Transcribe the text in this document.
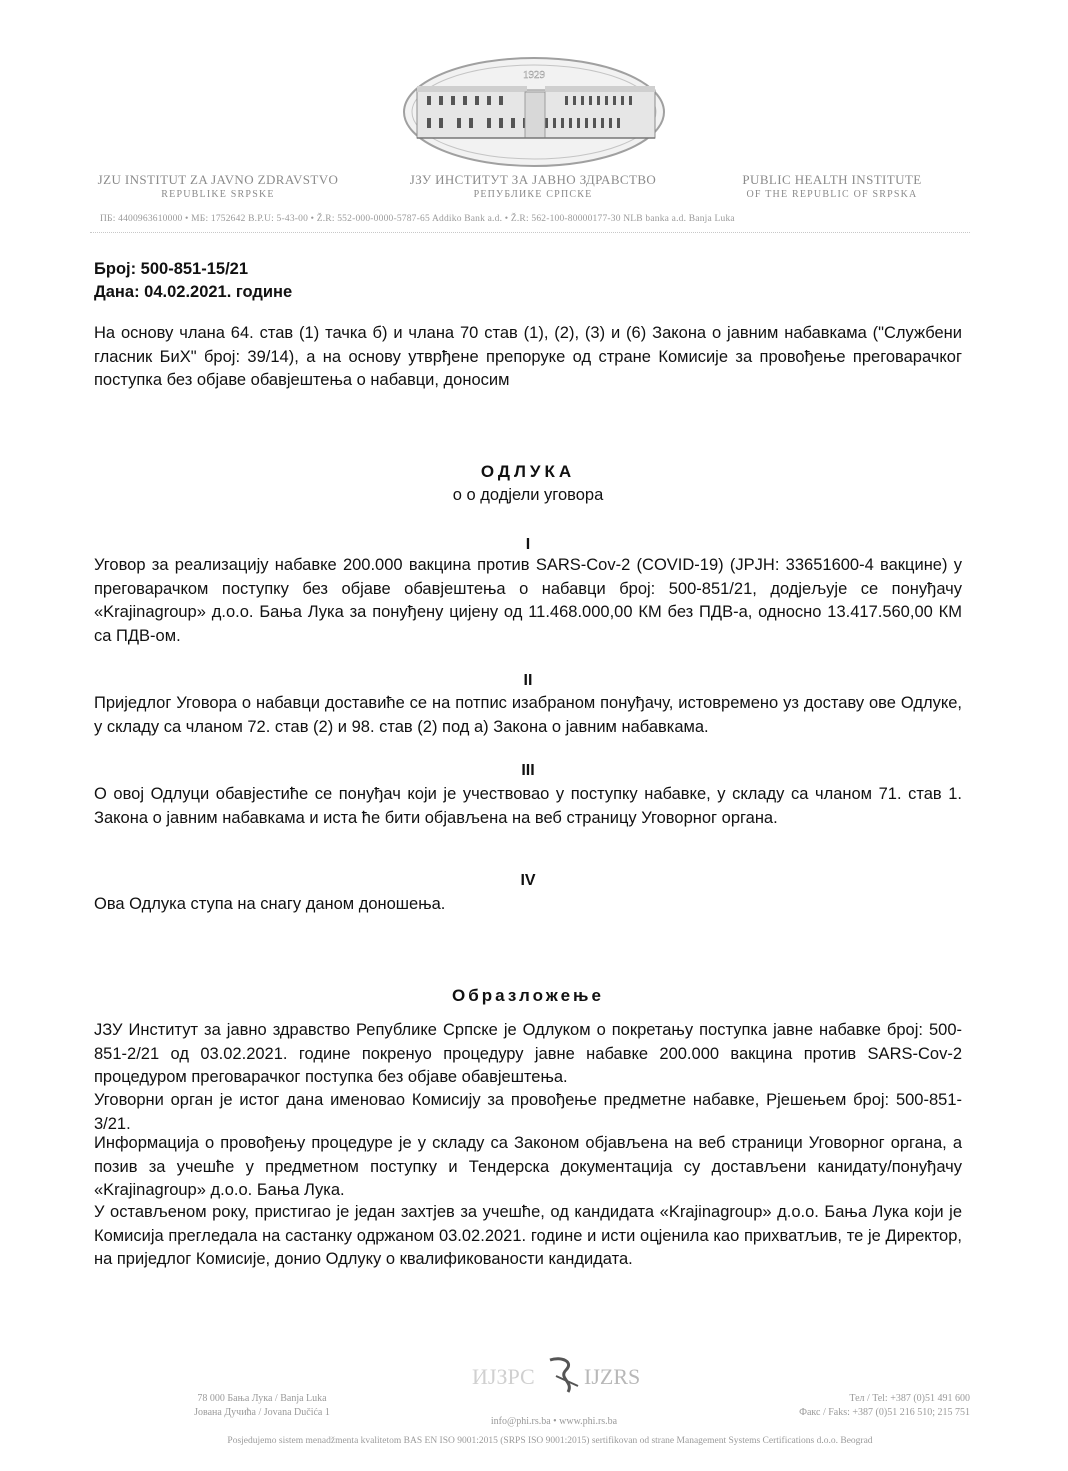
1929
JZU INSTITUT ZA JAVNO ZDRAVSTVO
REPUBLIKE SRPSKE
ЈЗУ ИНСТИТУТ ЗА ЈАВНО ЗДРАВСТВО
РЕПУБЛИКЕ СРПСКЕ
PUBLIC HEALTH INSTITUTE
OF THE REPUBLIC OF SRPSKA
ПБ: 4400963610000 • МБ: 1752642 В.Р.U: 5-43-00 • Ž.R: 552-000-0000-5787-65 Addiko Bank a.d. • Ž.R: 562-100-80000177-30 NLB banka a.d. Banja Luka
Број: 500-851-15/21
Дана: 04.02.2021. године
На основу члана 64. став (1) тачка б) и члана 70 став (1), (2), (3) и (6) Закона о јавним набавкама ("Службени гласник БиХ" број: 39/14), а на основу утврђене препоруке од стране Комисије за провођење преговарачког поступка без објаве обавјештења о набавци, доносим
ОДЛУКА
о о додјели уговора
I
Уговор за реализацију набавке 200.000 вакцина против SARS-Cov-2 (COVID-19) (JPJH: 33651600-4 вакцине) у преговарачком поступку без објаве обавјештења о набавци број: 500-851/21, додјељује се понуђачу «Krajinagroup» д.о.о. Бања Лука за понуђену цијену од 11.468.000,00 КМ без ПДВ-а, односно 13.417.560,00 КМ са ПДВ-ом.
II
Приједлог Уговора о набавци доставиће се на потпис изабраном понуђачу, истовремено уз доставу ове Одлуке, у складу са чланом 72. став (2) и 98. став (2) под а) Закона о јавним набавкама.
III
О овој Одлуци обавјестиће се понуђач који је учествовао у поступку набавке, у складу са чланом 71. став 1. Закона о јавним набавкама и иста ће бити објављена на веб страницу Уговорног органа.
IV
Ова Одлука ступа на снагу даном доношења.
Образложење
ЈЗУ Институт за јавно здравство Републике Српске је Одлуком о покретању поступка јавне набавке број: 500-851-2/21 од 03.02.2021. године покренуо процедуру јавне набавке 200.000 вакцина против SARS-Cov-2 процедуром преговарачког поступка без објаве обавјештења.
Уговорни орган је истог дана именовао Комисију за провођење предметне набавке, Рјешењем број: 500-851-3/21.
Информација о провођењу процедуре је у складу са Законом објављена на веб страници Уговорног органа, а позив за учешће у предметном поступку и Тендерска документација су достављени канидату/понуђачу «Krajinagroup» д.о.о. Бања Лука.
У остављеном року, пристигао је један захтјев за учешће, од кандидата «Krajinagroup» д.о.о. Бања Лука који је Комисија прегледала на састанку одржаном 03.02.2021. године и исти оцјенила као прихватљив, те је Директор, на приједлог Комисије, донио Одлуку о квалификованости кандидата.
ИЈЗРС IJZRS
78 000 Бања Лука / Banja Luka
Јована Дучића / Jovana Dučića 1
info@phi.rs.ba • www.phi.rs.ba
Тел / Tel: +387 (0)51 491 600
Факс / Faks: +387 (0)51 216 510; 215 751
Posjedujemo sistem menadžmenta kvalitetom BAS EN ISO 9001:2015 (SRPS ISO 9001:2015) sertifikovan od strane Management Systems Certifications d.o.o. Beograd
